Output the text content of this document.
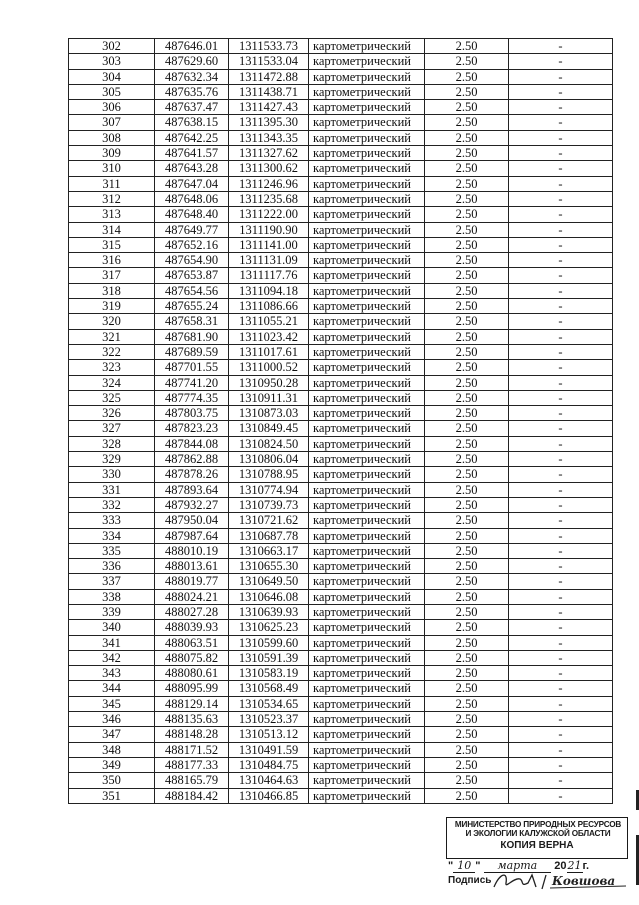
302	487646.01	1311533.73	картометрический	2.50	-
303	487629.60	1311533.04	картометрический	2.50	-
304	487632.34	1311472.88	картометрический	2.50	-
305	487635.76	1311438.71	картометрический	2.50	-
306	487637.47	1311427.43	картометрический	2.50	-
307	487638.15	1311395.30	картометрический	2.50	-
308	487642.25	1311343.35	картометрический	2.50	-
309	487641.57	1311327.62	картометрический	2.50	-
310	487643.28	1311300.62	картометрический	2.50	-
311	487647.04	1311246.96	картометрический	2.50	-
312	487648.06	1311235.68	картометрический	2.50	-
313	487648.40	1311222.00	картометрический	2.50	-
314	487649.77	1311190.90	картометрический	2.50	-
315	487652.16	1311141.00	картометрический	2.50	-
316	487654.90	1311131.09	картометрический	2.50	-
317	487653.87	1311117.76	картометрический	2.50	-
318	487654.56	1311094.18	картометрический	2.50	-
319	487655.24	1311086.66	картометрический	2.50	-
320	487658.31	1311055.21	картометрический	2.50	-
321	487681.90	1311023.42	картометрический	2.50	-
322	487689.59	1311017.61	картометрический	2.50	-
323	487701.55	1311000.52	картометрический	2.50	-
324	487741.20	1310950.28	картометрический	2.50	-
325	487774.35	1310911.31	картометрический	2.50	-
326	487803.75	1310873.03	картометрический	2.50	-
327	487823.23	1310849.45	картометрический	2.50	-
328	487844.08	1310824.50	картометрический	2.50	-
329	487862.88	1310806.04	картометрический	2.50	-
330	487878.26	1310788.95	картометрический	2.50	-
331	487893.64	1310774.94	картометрический	2.50	-
332	487932.27	1310739.73	картометрический	2.50	-
333	487950.04	1310721.62	картометрический	2.50	-
334	487987.64	1310687.78	картометрический	2.50	-
335	488010.19	1310663.17	картометрический	2.50	-
336	488013.61	1310655.30	картометрический	2.50	-
337	488019.77	1310649.50	картометрический	2.50	-
338	488024.21	1310646.08	картометрический	2.50	-
339	488027.28	1310639.93	картометрический	2.50	-
340	488039.93	1310625.23	картометрический	2.50	-
341	488063.51	1310599.60	картометрический	2.50	-
342	488075.82	1310591.39	картометрический	2.50	-
343	488080.61	1310583.19	картометрический	2.50	-
344	488095.99	1310568.49	картометрический	2.50	-
345	488129.14	1310534.65	картометрический	2.50	-
346	488135.63	1310523.37	картометрический	2.50	-
347	488148.28	1310513.12	картометрический	2.50	-
348	488171.52	1310491.59	картометрический	2.50	-
349	488177.33	1310484.75	картометрический	2.50	-
350	488165.79	1310464.63	картометрический	2.50	-
351	488184.42	1310466.85	картометрический	2.50	-
МИНИСТЕРСТВО ПРИРОДНЫХ РЕСУРСОВ
И ЭКОЛОГИИ КАЛУЖСКОЙ ОБЛАСТИ
КОПИЯ ВЕРНА
" 10 " марта 2021г.
Подпись	Ковшова
